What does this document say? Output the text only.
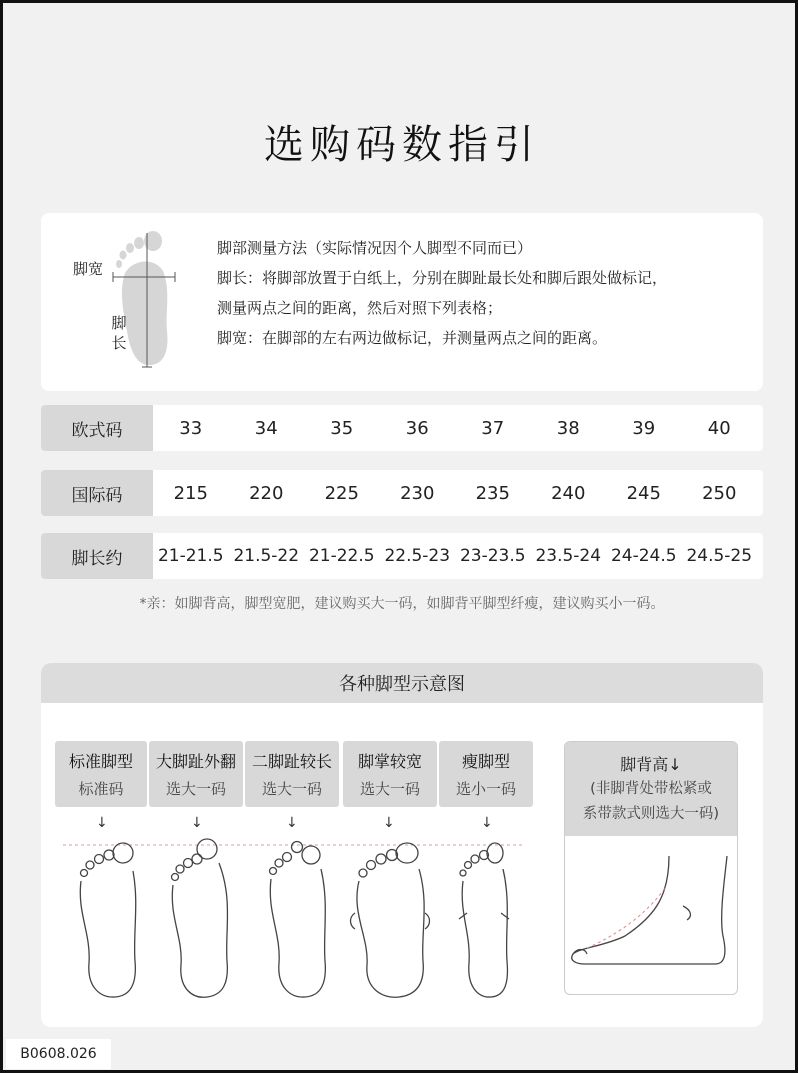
选购码数指引
脚宽
脚长
脚部测量方法（实际情况因个人脚型不同而已）
脚长：将脚部放置于白纸上，分别在脚趾最长处和脚后跟处做标记，
测量两点之间的距离，然后对照下列表格；
脚宽：在脚部的左右两边做标记，并测量两点之间的距离。
欧式码	33	34	35	36	37	38	39	40
国际码	215 220 225 230 235 240 245 250
脚长约	21-21.5 21.5-22 21-22.5 22.5-23 23-23.5 23.5-24 24-24.5 24.5-25
*亲：如脚背高，脚型宽肥，建议购买大一码，如脚背平脚型纤瘦，建议购买小一码。
各种脚型示意图
标准脚型
标准码
大脚趾外翻
选大一码
二脚趾较长
选大一码
脚掌较宽
选大一码
瘦脚型
选小一码
↓	↓	↓	↓	↓
脚背高↓
(非脚背处带松紧或
系带款式则选大一码)
B0608.026
